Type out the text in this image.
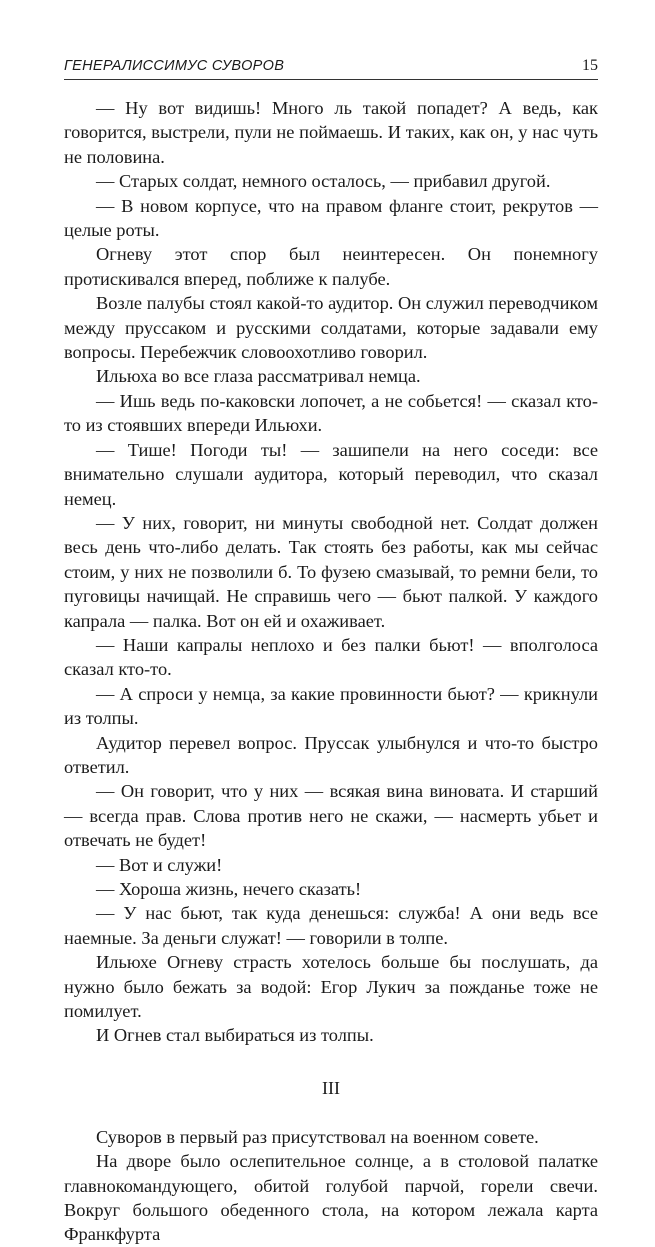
ГЕНЕРАЛИССИМУС СУВОРОВ	15

— Ну вот видишь! Много ль такой попадет? А ведь, как говорится, выстрели, пули не поймаешь. И таких, как он, у нас чуть не половина.

— Старых солдат, немного осталось, — прибавил другой.

— В новом корпусе, что на правом фланге стоит, рекрутов — целые роты.

Огневу этот спор был неинтересен. Он понемногу протискивался вперед, поближе к палубе.

Возле палубы стоял какой-то аудитор. Он служил переводчиком между пруссаком и русскими солдатами, которые задавали ему вопросы. Перебежчик словоохотливо говорил.

Ильюха во все глаза рассматривал немца.

— Ишь ведь по-каковски лопочет, а не собьется! — сказал кто-то из стоявших впереди Ильюхи.

— Тише! Погоди ты! — зашипели на него соседи: все внимательно слушали аудитора, который переводил, что сказал немец.

— У них, говорит, ни минуты свободной нет. Солдат должен весь день что-либо делать. Так стоять без работы, как мы сейчас стоим, у них не позволили б. То фузею смазывай, то ремни бели, то пуговицы начищай. Не справишь чего — бьют палкой. У каждого капрала — палка. Вот он ей и охаживает.

— Наши капралы неплохо и без палки бьют! — вполголоса сказал кто-то.

— А спроси у немца, за какие провинности бьют? — крикнули из толпы.

Аудитор перевел вопрос. Пруссак улыбнулся и что-то быстро ответил.

— Он говорит, что у них — всякая вина виновата. И старший — всегда прав. Слова против него не скажи, — насмерть убьет и отвечать не будет!

— Вот и служи!

— Хороша жизнь, нечего сказать!

— У нас бьют, так куда денешься: служба! А они ведь все наемные. За деньги служат! — говорили в толпе.

Ильюхе Огневу страсть хотелось больше бы послушать, да нужно было бежать за водой: Егор Лукич за пожданье тоже не помилует.

И Огнев стал выбираться из толпы.

III

Суворов в первый раз присутствовал на военном совете.

На дворе было ослепительное солнце, а в столовой палатке главнокомандующего, обитой голубой парчой, горели свечи. Вокруг большого обеденного стола, на котором лежала карта Франкфурта
